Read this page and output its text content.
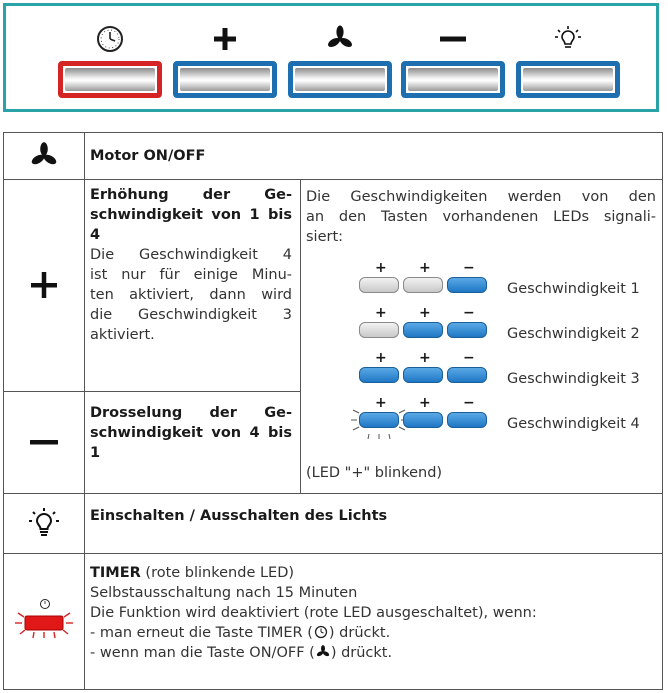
Motor ON/OFF
Erhöhung der Ge-
schwindigkeit von 1 bis
4
Die Geschwindigkeit 4
ist nur für einige Minu-
ten aktiviert, dann wird
die Geschwindigkeit 3
aktiviert.
Die Geschwindigkeiten werden von den
an den Tasten vorhandenen LEDs signali-
siert:
+ + −
Geschwindigkeit 1
+ + −
Geschwindigkeit 2
+ + −
Geschwindigkeit 3
+ + −
Geschwindigkeit 4
(LED "+" blinkend)
Drosselung der Ge-
schwindigkeit von 4 bis
1
Einschalten / Ausschalten des Lichts
TIMER (rote blinkende LED)
Selbstausschaltung nach 15 Minuten
Die Funktion wird deaktiviert (rote LED ausgeschaltet), wenn:
- man erneut die Taste TIMER ( ) drückt.
- wenn man die Taste ON/OFF ( ) drückt.
